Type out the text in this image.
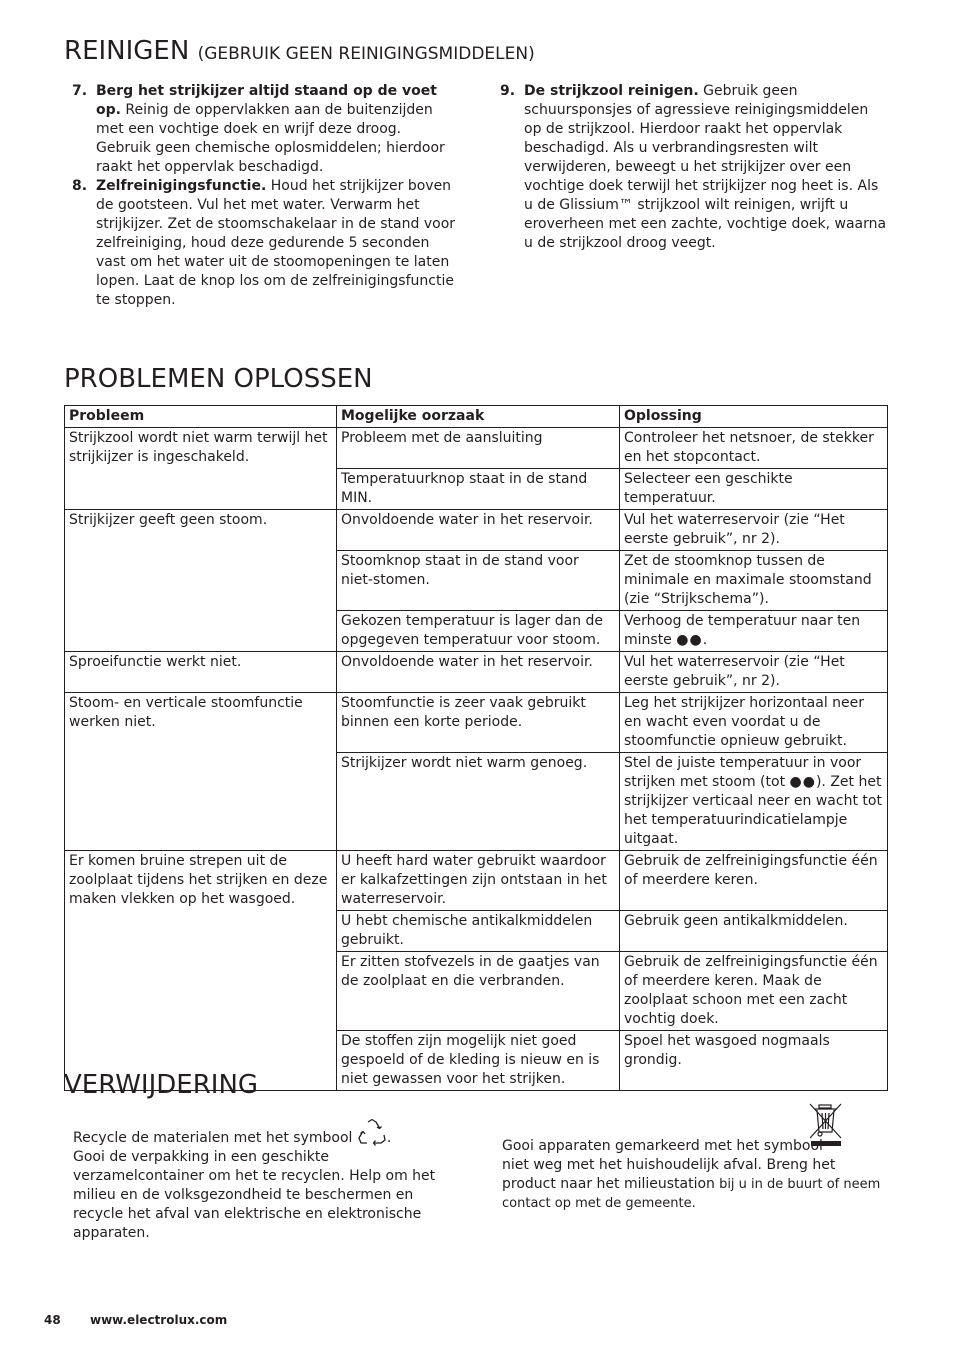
REINIGEN (GEBRUIK GEEN REINIGINGSMIDDELEN)
7. Berg het strijkijzer altijd staand op de voet op. Reinig de oppervlakken aan de buitenzijden met een vochtige doek en wrijf deze droog. Gebruik geen chemische oplosmiddelen; hierdoor raakt het oppervlak beschadigd.
8. Zelfreinigingsfunctie. Houd het strijkijzer boven de gootsteen. Vul het met water. Verwarm het strijkijzer. Zet de stoomschakelaar in de stand voor zelfreiniging, houd deze gedurende 5 seconden vast om het water uit de stoomopeningen te laten lopen. Laat de knop los om de zelfreinigingsfunctie te stoppen.
9. De strijkzool reinigen. Gebruik geen schuursponsjes of agressieve reinigingsmiddelen op de strijkzool. Hierdoor raakt het oppervlak beschadigd. Als u verbrandingsresten wilt verwijderen, beweegt u het strijkijzer over een vochtige doek terwijl het strijkijzer nog heet is. Als u de Glissium™ strijkzool wilt reinigen, wrijft u eroverheen met een zachte, vochtige doek, waarna u de strijkzool droog veegt.
PROBLEMEN OPLOSSEN
Probleem	Mogelijke oorzaak	Oplossing
Strijkzool wordt niet warm terwijl het strijkijzer is ingeschakeld.	Probleem met de aansluiting	Controleer het netsnoer, de stekker en het stopcontact.
	Temperatuurknop staat in de stand MIN.	Selecteer een geschikte temperatuur.
Strijkijzer geeft geen stoom.	Onvoldoende water in het reservoir.	Vul het waterreservoir (zie “Het eerste gebruik”, nr 2).
	Stoomknop staat in de stand voor niet-stomen.	Zet de stoomknop tussen de minimale en maximale stoomstand (zie “Strijkschema”).
	Gekozen temperatuur is lager dan de opgegeven temperatuur voor stoom.	Verhoog de temperatuur naar ten minste ●●.
Sproeifunctie werkt niet.	Onvoldoende water in het reservoir.	Vul het waterreservoir (zie “Het eerste gebruik”, nr 2).
Stoom- en verticale stoomfunctie werken niet.	Stoomfunctie is zeer vaak gebruikt binnen een korte periode.	Leg het strijkijzer horizontaal neer en wacht even voordat u de stoomfunctie opnieuw gebruikt.
	Strijkijzer wordt niet warm genoeg.	Stel de juiste temperatuur in voor strijken met stoom (tot ●●). Zet het strijkijzer verticaal neer en wacht tot het temperatuurindicatielampje uitgaat.
Er komen bruine strepen uit de zoolplaat tijdens het strijken en deze maken vlekken op het wasgoed.	U heeft hard water gebruikt waardoor er kalkafzettingen zijn ontstaan in het waterreservoir.	Gebruik de zelfreinigingsfunctie één of meerdere keren.
	U hebt chemische antikalkmiddelen gebruikt.	Gebruik geen antikalkmiddelen.
	Er zitten stofvezels in de gaatjes van de zoolplaat en die verbranden.	Gebruik de zelfreinigingsfunctie één of meerdere keren. Maak de zoolplaat schoon met een zacht vochtig doek.
	De stoffen zijn mogelijk niet goed gespoeld of de kleding is nieuw en is niet gewassen voor het strijken.	Spoel het wasgoed nogmaals grondig.
VERWIJDERING
Recycle de materialen met het symbool .
Gooi de verpakking in een geschikte verzamelcontainer om het te recyclen. Help om het milieu en de volksgezondheid te beschermen en recycle het afval van elektrische en elektronische apparaten.
Gooi apparaten gemarkeerd met het symbool niet weg met het huishoudelijk afval. Breng het product naar het milieustation bij u in de buurt of neem contact op met de gemeente.
48 www.electrolux.com
